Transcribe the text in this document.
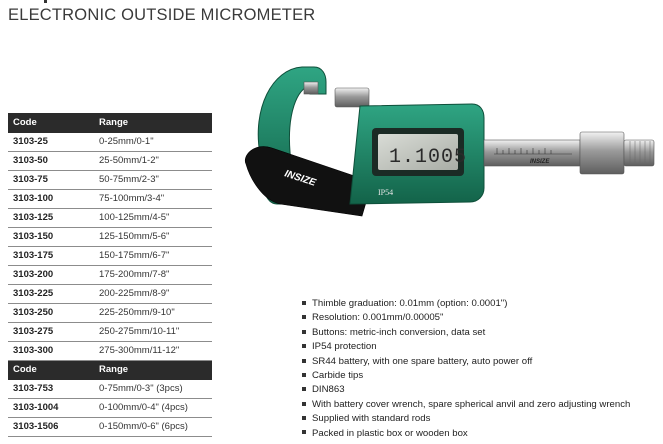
ELECTRONIC OUTSIDE MICROMETER
Code	Range
3103-25	0-25mm/0-1"
3103-50	25-50mm/1-2"
3103-75	50-75mm/2-3"
3103-100	75-100mm/3-4"
3103-125	100-125mm/4-5"
3103-150	125-150mm/5-6"
3103-175	150-175mm/6-7"
3103-200	175-200mm/7-8"
3103-225	200-225mm/8-9"
3103-250	225-250mm/9-10"
3103-275	250-275mm/10-11"
3103-300	275-300mm/11-12"
Code	Range
3103-753	0-75mm/0-3" (3pcs)
3103-1004	0-100mm/0-4" (4pcs)
3103-1506	0-150mm/0-6" (6pcs)
INSIZE
IP54
1.1005	INSIZE
Thimble graduation: 0.01mm (option: 0.0001")
Resolution: 0.001mm/0.00005"
Buttons: metric-inch conversion, data set
IP54 protection
SR44 battery, with one spare battery, auto power off
Carbide tips
DIN863
With battery cover wrench, spare spherical anvil and zero adjusting wrench
Supplied with standard rods
Packed in plastic box or wooden box
